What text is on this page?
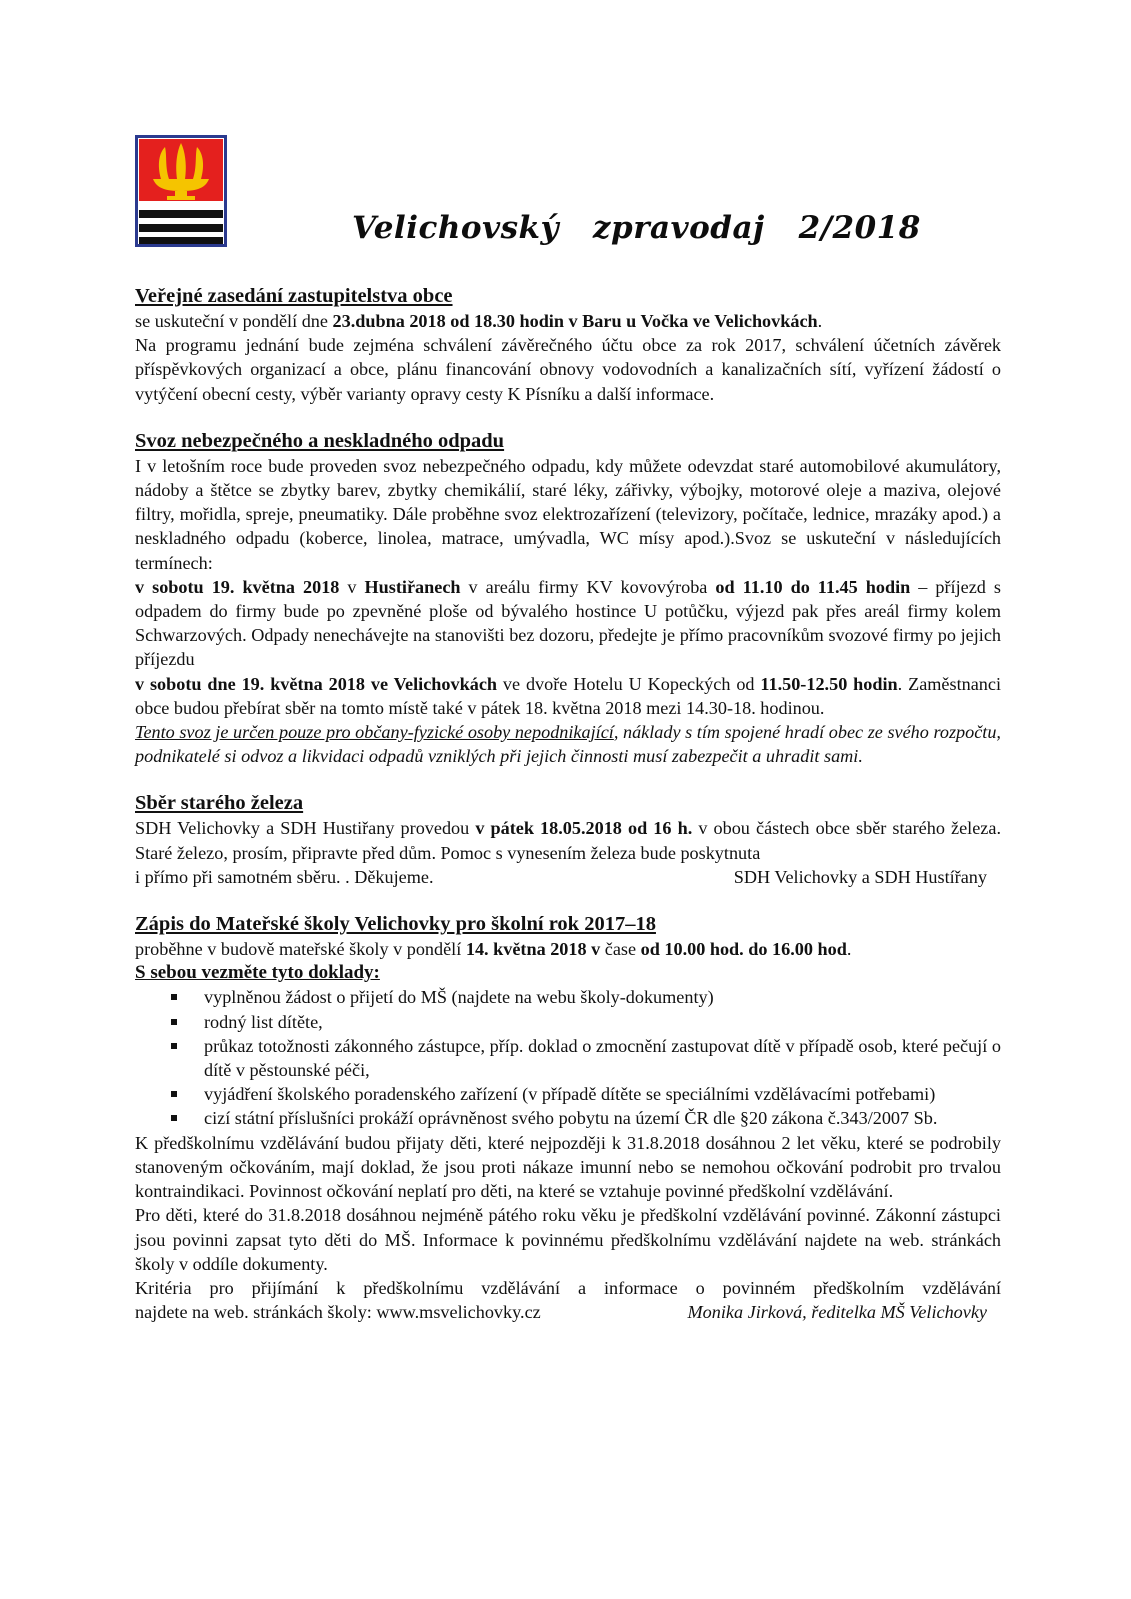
Velichovský   zpravodaj   2/2018
Veřejné zasedání zastupitelstva obce

se uskuteční v pondělí dne 23.dubna 2018 od 18.30 hodin v Baru u Vočka ve Velichovkách.

Na programu jednání bude zejména schválení závěrečného účtu obce za rok 2017, schválení účetních závěrek příspěvkových organizací a obce, plánu financování obnovy vodovodních a kanalizačních sítí, vyřízení žádostí o vytýčení obecní cesty, výběr varianty opravy cesty K Písníku a další informace.

Svoz nebezpečného a neskladného odpadu

I v letošním roce bude proveden svoz nebezpečného odpadu, kdy můžete odevzdat staré automobilové akumulátory, nádoby a štětce se zbytky barev, zbytky chemikálií, staré léky, zářivky, výbojky, motorové oleje a maziva, olejové filtry, mořidla, spreje, pneumatiky. Dále proběhne svoz elektrozařízení (televizory, počítače, lednice, mrazáky apod.) a neskladného odpadu (koberce, linolea, matrace, umývadla, WC mísy apod.).Svoz se uskuteční v následujících termínech:

v sobotu 19. května 2018 v Hustiřanech v areálu firmy KV kovovýroba od 11.10 do 11.45 hodin – příjezd s odpadem do firmy bude po zpevněné ploše od bývalého hostince U potůčku, výjezd pak přes areál firmy kolem Schwarzových. Odpady nenechávejte na stanovišti bez dozoru, předejte je přímo pracovníkům svozové firmy po jejich příjezdu

v sobotu dne 19. května 2018 ve Velichovkách ve dvoře Hotelu U Kopeckých od 11.50-12.50 hodin. Zaměstnanci obce budou přebírat sběr na tomto místě také v pátek 18. května 2018 mezi 14.30-18. hodinou.

Tento svoz je určen pouze pro občany-fyzické osoby nepodnikající, náklady s tím spojené hradí obec ze svého rozpočtu, podnikatelé si odvoz a likvidaci odpadů vzniklých při jejich činnosti musí zabezpečit a uhradit sami.

Sběr starého železa

SDH Velichovky a SDH Hustiřany provedou v pátek 18.05.2018 od 16 h. v obou částech obce sběr starého železa. Staré železo, prosím, připravte před dům. Pomoc s vynesením železa bude poskytnuta

i přímo při samotném sběru. . Děkujeme.	SDH Velichovky a SDH Hustířany
Zápis do Mateřské školy Velichovky pro školní rok 2017–18

proběhne v budově mateřské školy v pondělí 14. května 2018 v čase od 10.00 hod. do 16.00 hod.

S sebou vezměte tyto doklady:
vyplněnou žádost o přijetí do MŠ (najdete na webu školy-dokumenty)
rodný list dítěte,
průkaz totožnosti zákonného zástupce, příp. doklad o zmocnění zastupovat dítě v případě osob, které pečují o dítě v pěstounské péči,
vyjádření školského poradenského zařízení (v případě dítěte se speciálními vzdělávacími potřebami)
cizí státní příslušníci prokáží oprávněnost svého pobytu na území ČR dle §20 zákona č.343/2007 Sb.

K předškolnímu vzdělávání budou přijaty děti, které nejpozději k 31.8.2018 dosáhnou 2 let věku, které se podrobily stanoveným očkováním, mají doklad, že jsou proti nákaze imunní nebo se nemohou očkování podrobit pro trvalou kontraindikaci. Povinnost očkování neplatí pro děti, na které se vztahuje povinné předškolní vzdělávání.

Pro děti, které do 31.8.2018 dosáhnou nejméně pátého roku věku je předškolní vzdělávání povinné. Zákonní zástupci jsou povinni zapsat tyto děti do MŠ. Informace k povinnému předškolnímu vzdělávání najdete na web. stránkách školy v oddíle dokumenty.

Kritéria pro přijímání k předškolnímu vzdělávání a informace o povinném předškolním vzdělávání

najdete na web. stránkách školy: www.msvelichovky.cz	Monika Jirková, ředitelka MŠ Velichovky
